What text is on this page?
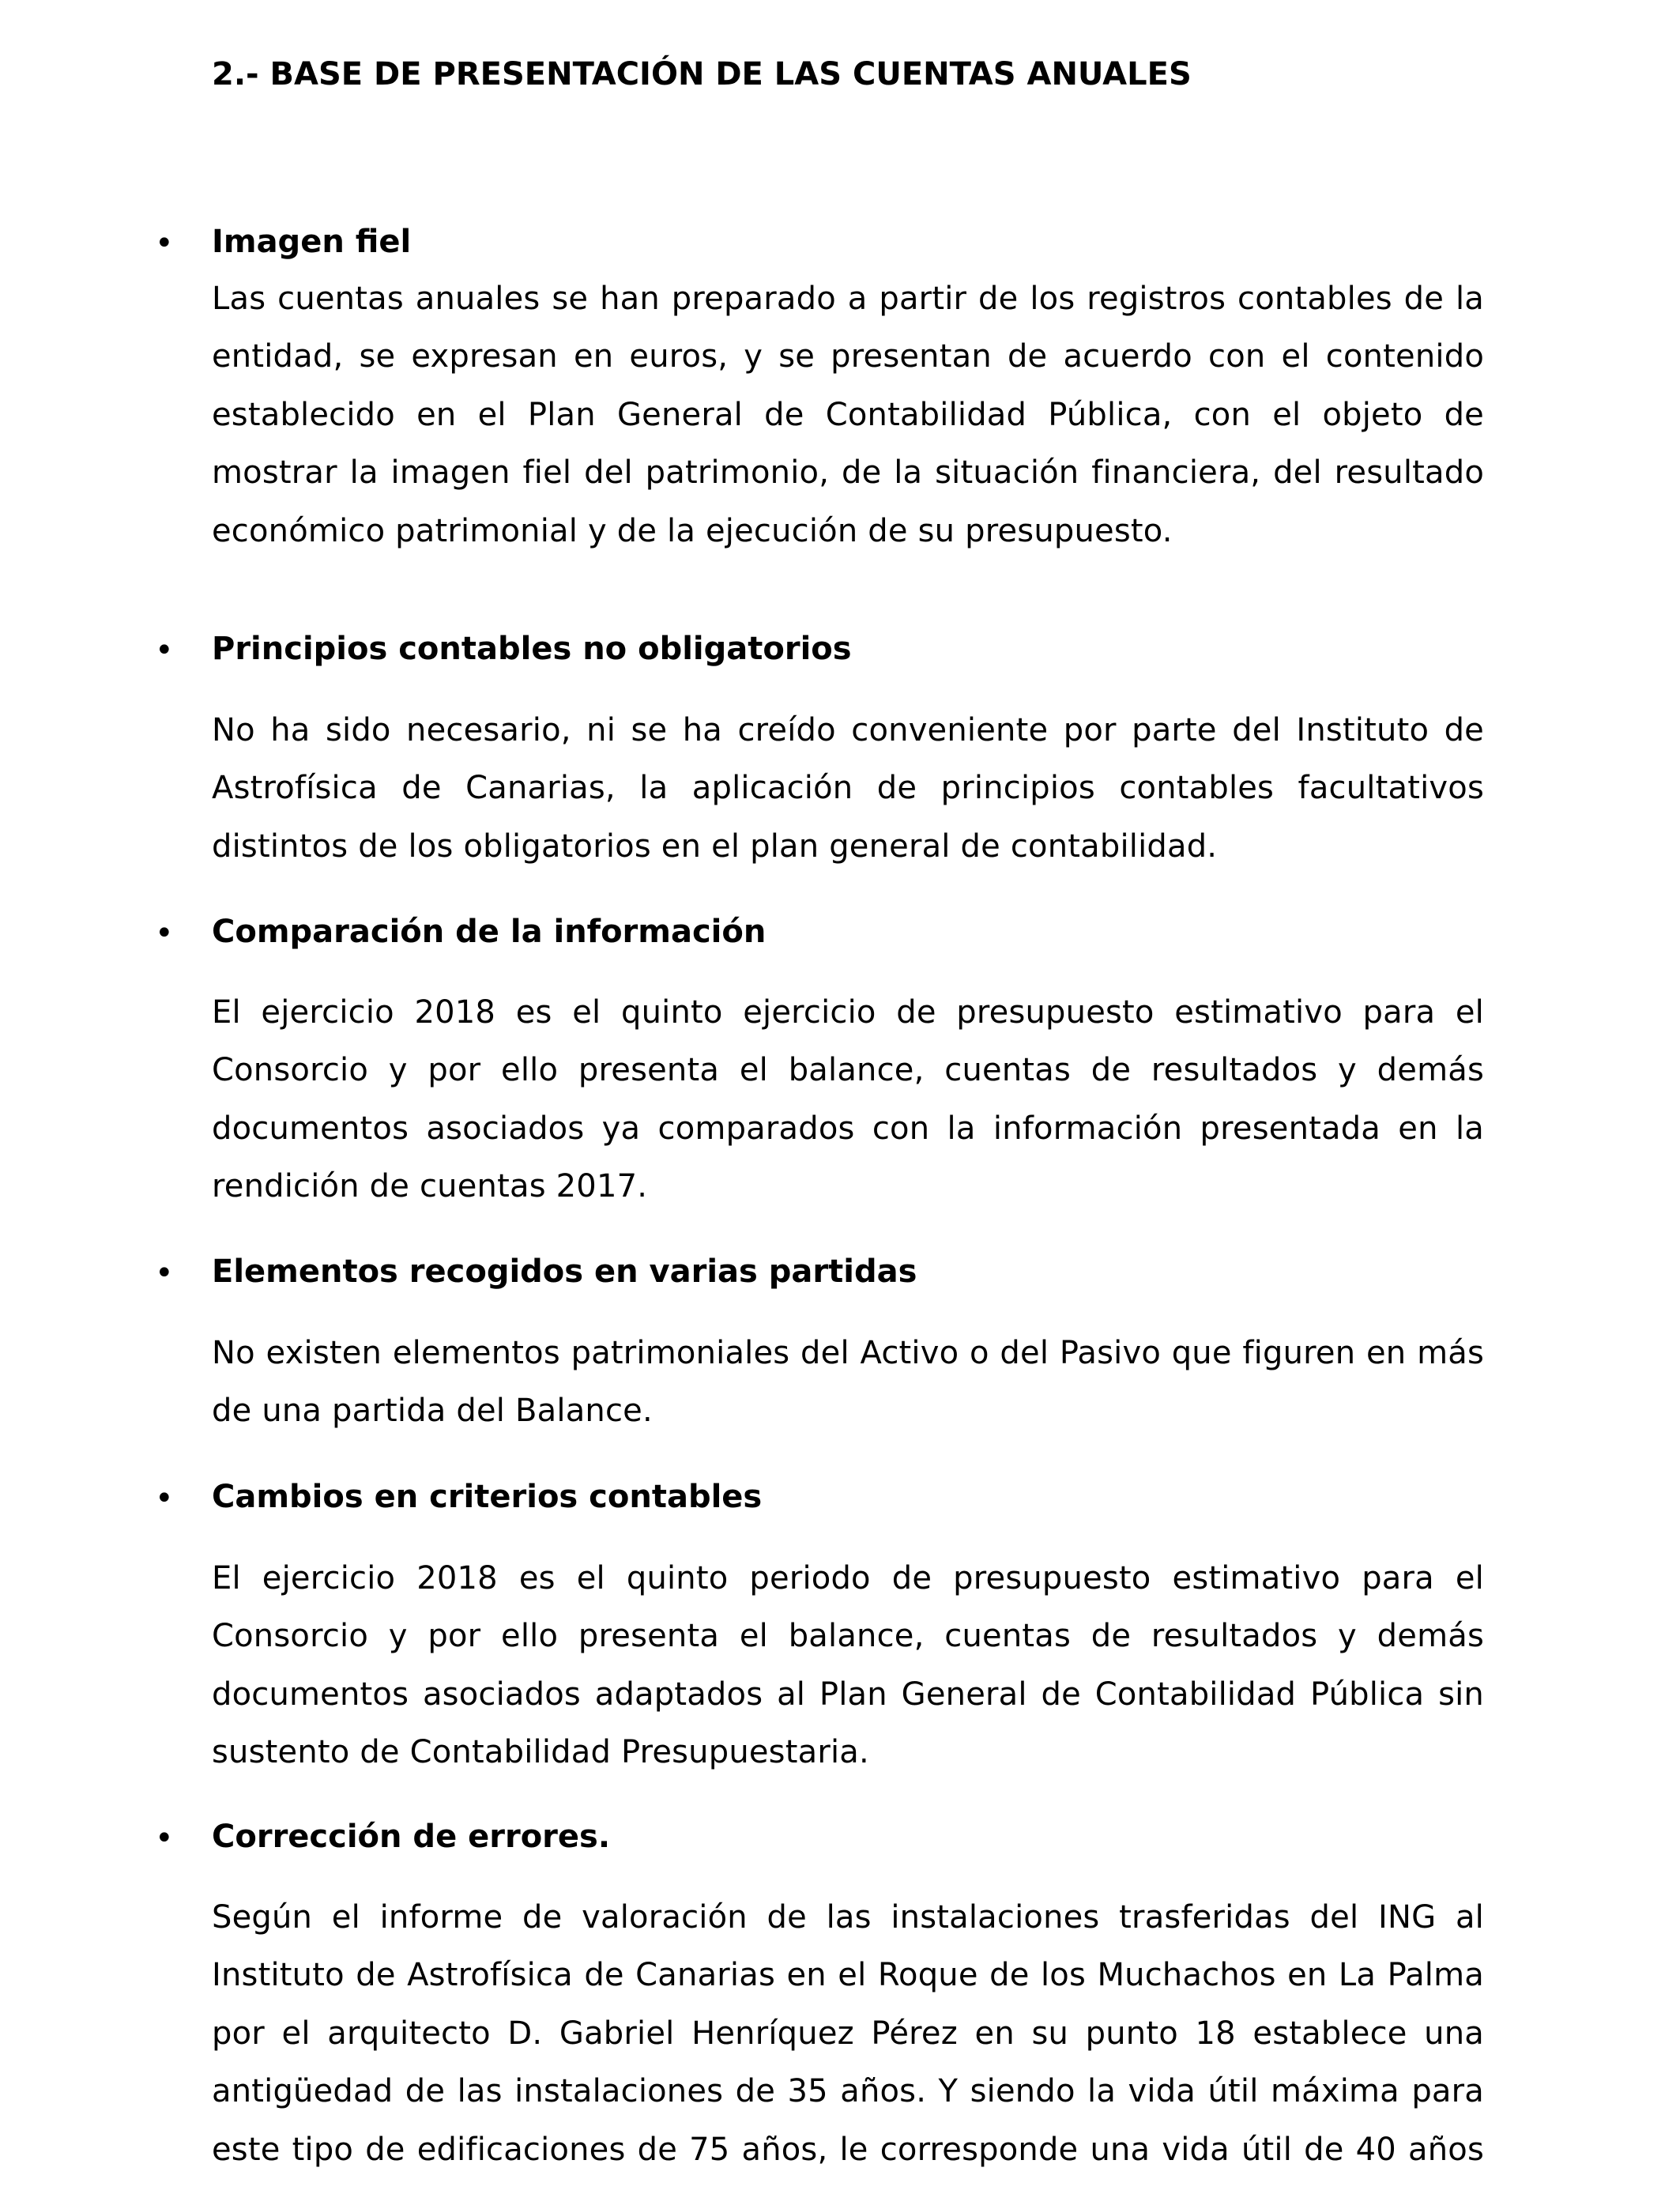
2.- BASE DE PRESENTACIÓN DE LAS CUENTAS ANUALES
• Imagen fiel
Las cuentas anuales se han preparado a partir de los registros contables de la entidad, se expresan en euros, y se presentan de acuerdo con el contenido establecido en el Plan General de Contabilidad Pública, con el objeto de mostrar la imagen fiel del patrimonio, de la situación financiera, del resultado económico patrimonial y de la ejecución de su presupuesto.
• Principios contables no obligatorios
No ha sido necesario, ni se ha creído conveniente por parte del Instituto de Astrofísica de Canarias, la aplicación de principios contables facultativos distintos de los obligatorios en el plan general de contabilidad.
• Comparación de la información
El ejercicio 2018 es el quinto ejercicio de presupuesto estimativo para el Consorcio y por ello presenta el balance, cuentas de resultados y demás documentos asociados ya comparados con la información presentada en la rendición de cuentas 2017.
• Elementos recogidos en varias partidas
No existen elementos patrimoniales del Activo o del Pasivo que figuren en más de una partida del Balance.
• Cambios en criterios contables
El ejercicio 2018 es el quinto periodo de presupuesto estimativo para el Consorcio y por ello presenta el balance, cuentas de resultados y demás documentos asociados adaptados al Plan General de Contabilidad Pública sin sustento de Contabilidad Presupuestaria.
• Corrección de errores.
Según el informe de valoración de las instalaciones trasferidas del ING al Instituto de Astrofísica de Canarias en el Roque de los Muchachos en La Palma por el arquitecto D. Gabriel Henríquez Pérez en su punto 18 establece una antigüedad de las instalaciones de 35 años. Y siendo la vida útil máxima para este tipo de edificaciones de 75 años, le corresponde una vida útil de 40 años
